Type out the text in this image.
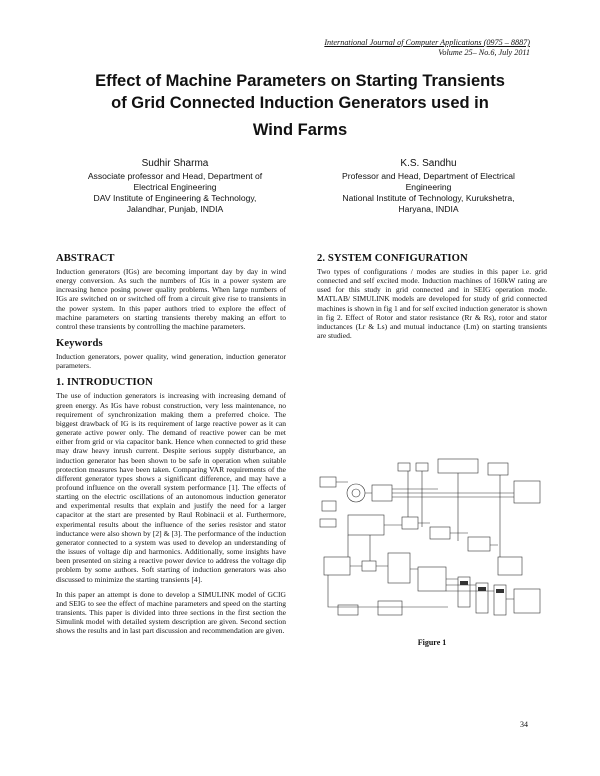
International Journal of Computer Applications (0975 – 8887)
Volume 25– No.6, July 2011
Effect of Machine Parameters on Starting Transients
of Grid Connected Induction Generators used in
Wind Farms
Sudhir Sharma
Associate professor and Head, Department of
Electrical Engineering
DAV Institute of Engineering & Technology,
Jalandhar, Punjab, INDIA
K.S. Sandhu
Professor and Head, Department of Electrical
Engineering
National Institute of Technology, Kurukshetra,
Haryana, INDIA
ABSTRACT

Induction generators (IGs) are becoming important day by day in wind energy conversion. As such the numbers of IGs in a power system are increasing hence posing power quality problems. When large numbers of IGs are switched on or switched off from a circuit give rise to transients in the power system. In this paper authors tried to explore the effect of machine parameters on starting transients thereby making an effort to control these transients by controlling the machine parameters.

Keywords

Induction generators, power quality, wind generation, induction generator parameters.

1. INTRODUCTION

The use of induction generators is increasing with increasing demand of green energy. As IGs have robust construction, very less maintenance, no requirement of synchronization making them a preferred choice. The biggest drawback of IG is its requirement of large reactive power as it can generate active power only. The demand of reactive power can be met either from grid or via capacitor bank. Hence when connected to grid these may draw heavy inrush current. Despite serious supply disturbance, an induction generator has been shown to be safe in operation when suitable protection measures have been taken. Comparing VAR requirements of the different generator types shows a significant difference, and may have a profound influence on the overall system performance [1]. The effects of starting on the electric oscillations of an autonomous induction generator and experimental results that explain and justify the need for a larger capacitor at the start are presented by Raul Robinacii et al. Furthermore, experimental results about the influence of the series resistor and stator inductance were also shown by [2] & [3]. The performance of the induction generator connected to a system was used to develop an understanding of the issues of voltage dip and harmonics. Additionally, some insights have been presented on sizing a reactive power device to address the voltage dip problem by some authors. Soft starting of induction generators was also discussed to minimize the starting transients [4].

In this paper an attempt is done to develop a SIMULINK model of GCIG and SEIG to see the effect of machine parameters and speed on the starting transients. This paper is divided into three sections in the first section the Simulink model with detailed system description are given. Second section shows the results and in last part discussion and recommendation are given.

2. SYSTEM CONFIGURATION

Two types of configurations / modes are studies in this paper i.e. grid connected and self excited mode. Induction machines of 160kW rating are used for this study in grid connected and in SEIG operation mode. MATLAB/ SIMULINK models are developed for study of grid connected machines is shown in fig 1 and for self excited induction generator is shown in fig 2. Effect of Rotor and stator resistance (Rr & Rs), rotor and stator inductances (Lr & Ls) and mutual inductance (Lm) on starting transients are studied.

Figure 1
34
